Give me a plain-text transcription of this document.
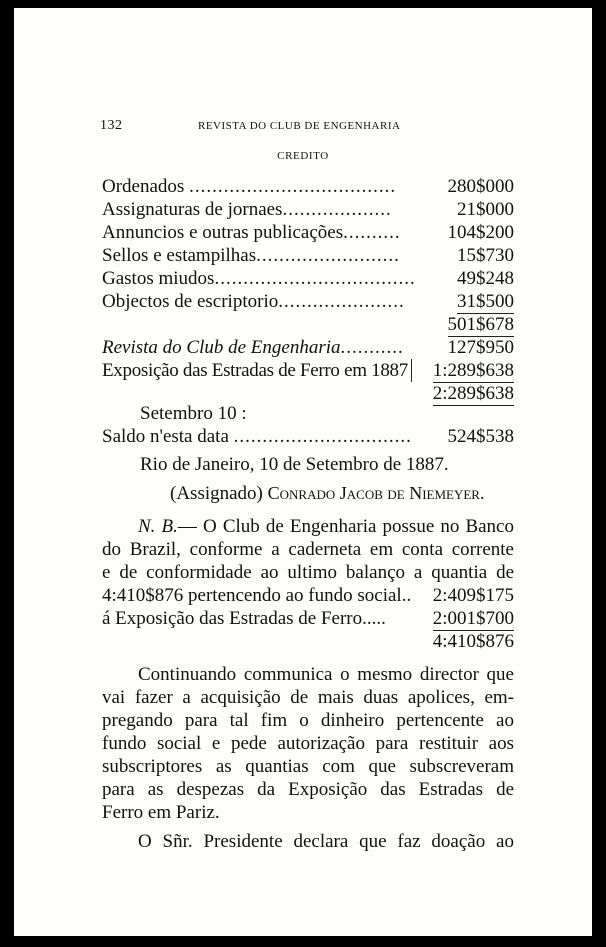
132	REVISTA DO CLUB DE ENGENHARIA
CREDITO
Ordenados ....................................	280$000
Assignaturas de jornaes...................	21$000
Annuncios e outras publicações.......... 104$200
Sellos e estampilhas.........................	15$730
Gastos miudos................................... 49$248
Objectos de escriptorio......................	31$500
501$678
Revista do Club de Engenharia........... 127$950
Exposição das Estradas de Ferro em 1887 1:289$638
2:289$638
Setembro 10 :
Saldo n'esta data ............................... 524$538
Rio de Janeiro, 10 de Setembro de 1887.
(Assignado) Conrado Jacob de Niemeyer.
N. B.— O Club de Engenharia possue no Banco
do Brazil, conforme a caderneta em conta corrente
e de conformidade ao ultimo balanço a quantia de
4:410$876 pertencendo ao fundo social.. 2:409$175
á Exposição das Estradas de Ferro..... 2:001$700
4:410$876
Continuando communica o mesmo director que
vai fazer a acquisição de mais duas apolices, em-
pregando para tal fim o dinheiro pertencente ao
fundo social e pede autorização para restituir aos
subscriptores as quantias com que subscreveram
para as despezas da Exposição das Estradas de
Ferro em Pariz.
O Sñr. Presidente declara que faz doação ao
